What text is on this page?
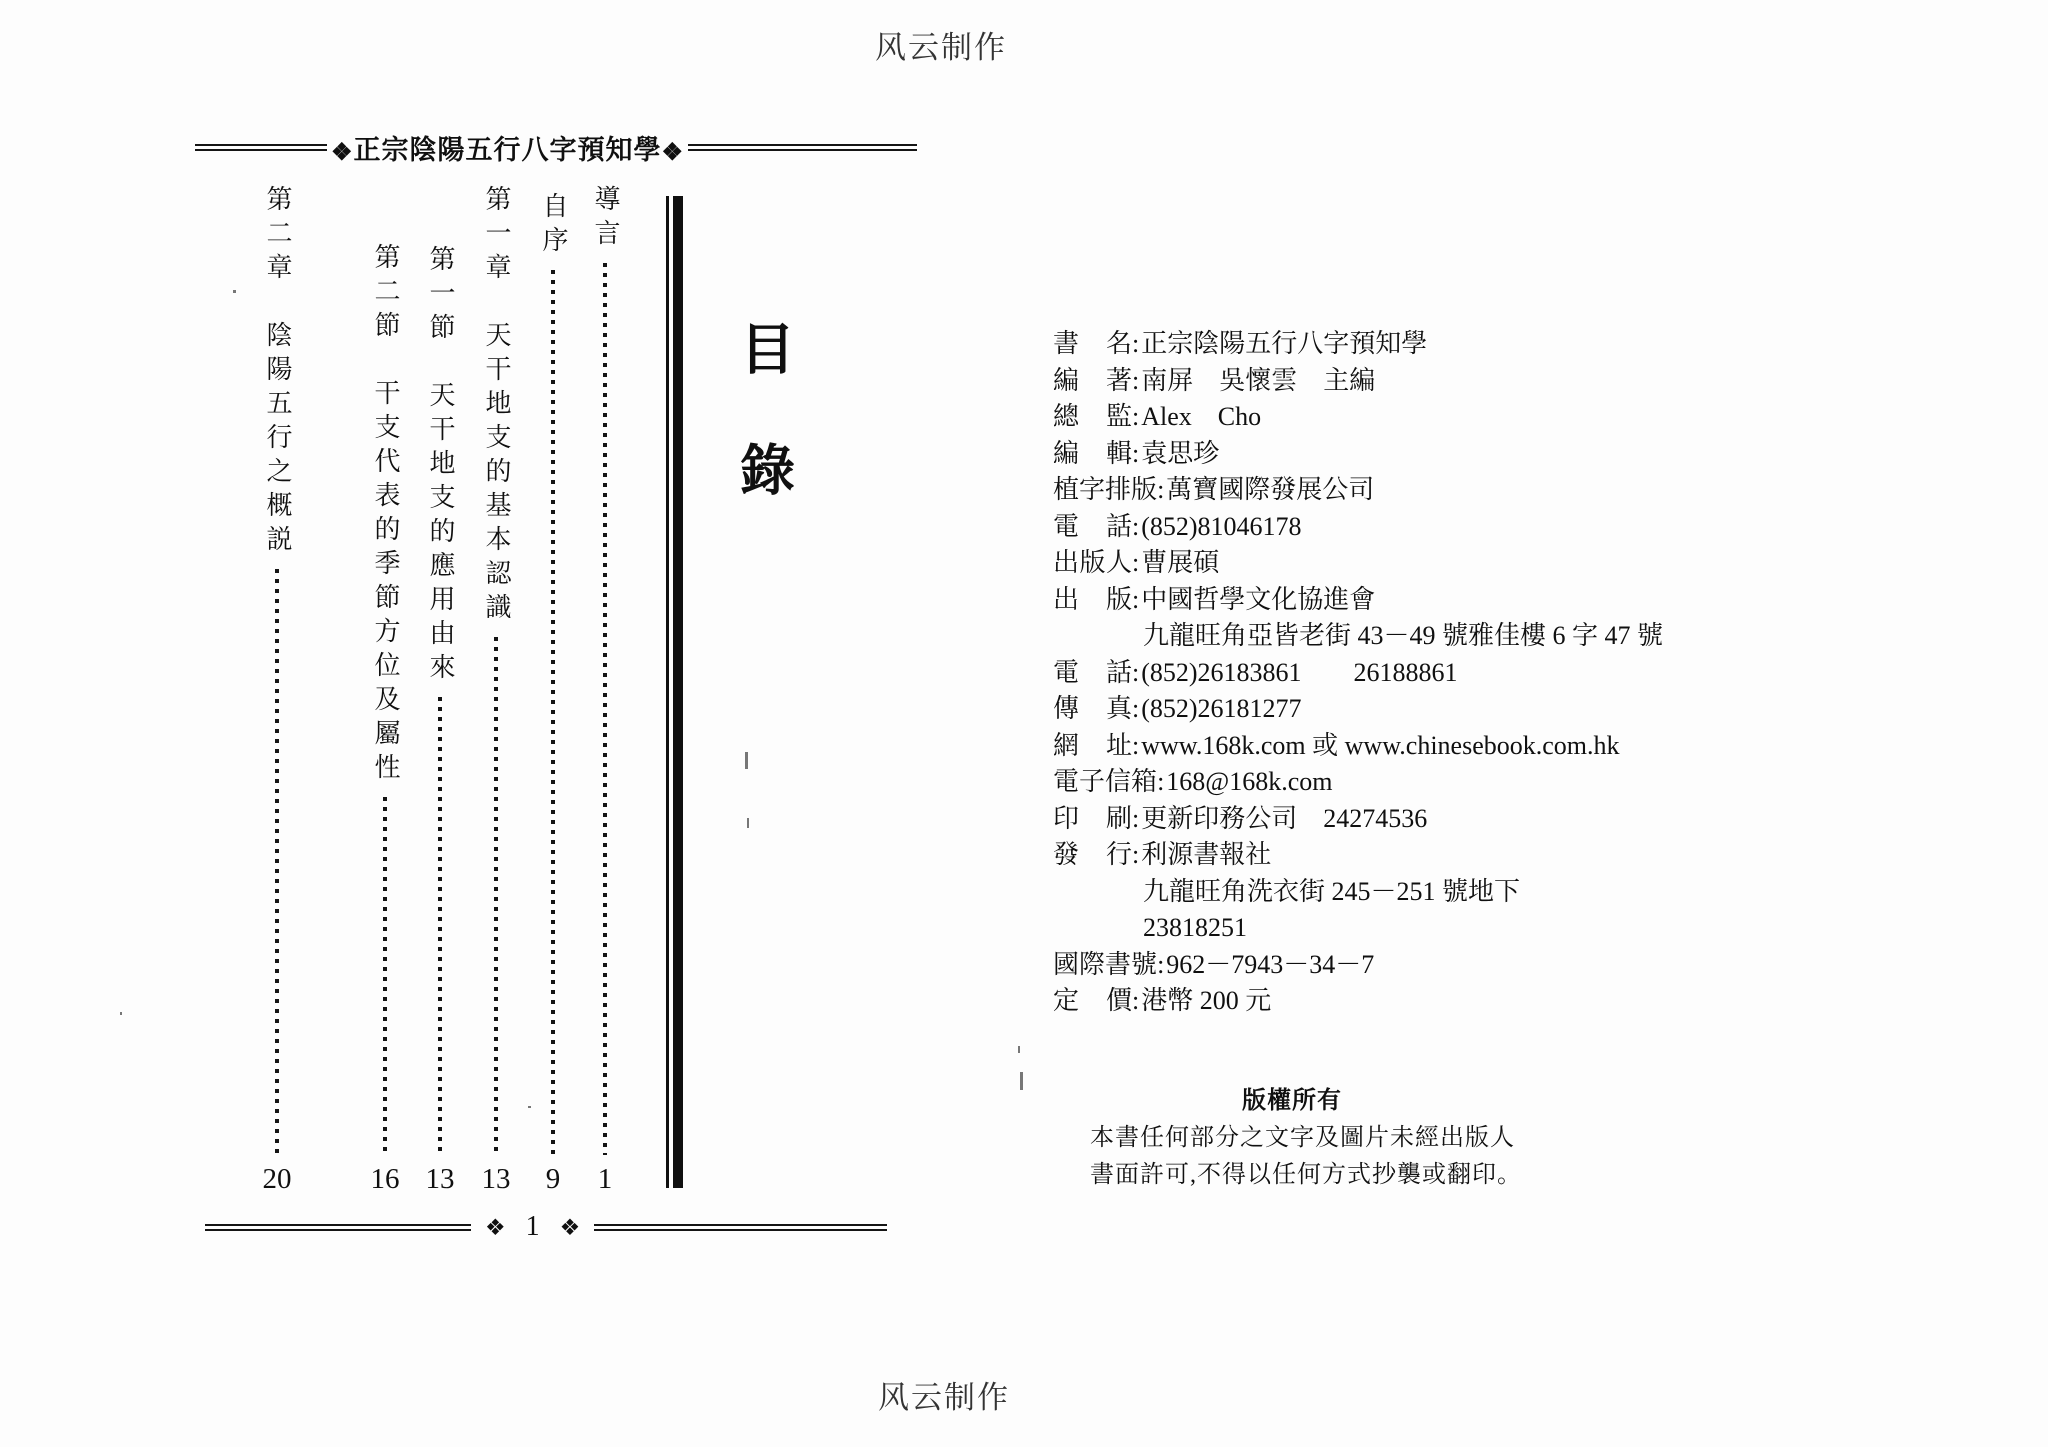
风云制作
风云制作
❖正宗陰陽五行八字預知學❖
導言
1
自序
9
第一章　天干地支的基本認識
13
第一節　天干地支的應用由來
13
第二節　干支代表的季節方位及屬性
16
第二章　陰陽五行之概説
20
目錄	書 名 : 正宗陰陽五行八字預知學
編 著 : 南屏　吳懷雲　主編
總 監 : Alex　Cho
編 輯 : 袁思珍
植 字 排 版 : 萬寶國際發展公司
電 話 : (852)81046178
出 版 人 : 曹展碩
出 版 : 中國哲學文化協進會
九龍旺角亞皆老街 43－49 號雅佳樓 6 字 47 號
電 話 : (852)26183861　　26188861
傳 真 : (852)26181277
網 址 : www.168k.com 或 www.chinesebook.com.hk
電 子 信 箱 : 168@168k.com
印 刷 : 更新印務公司　24274536
發 行 : 利源書報社
九龍旺角洗衣街 245－251 號地下
23818251
國 際 書 號 : 962－7943－34－7
定 價 : 港幣 200 元
版權所有
本書任何部分之文字及圖片未經出版人
書面許可,不得以任何方式抄襲或翻印。
❖ 1 ❖
